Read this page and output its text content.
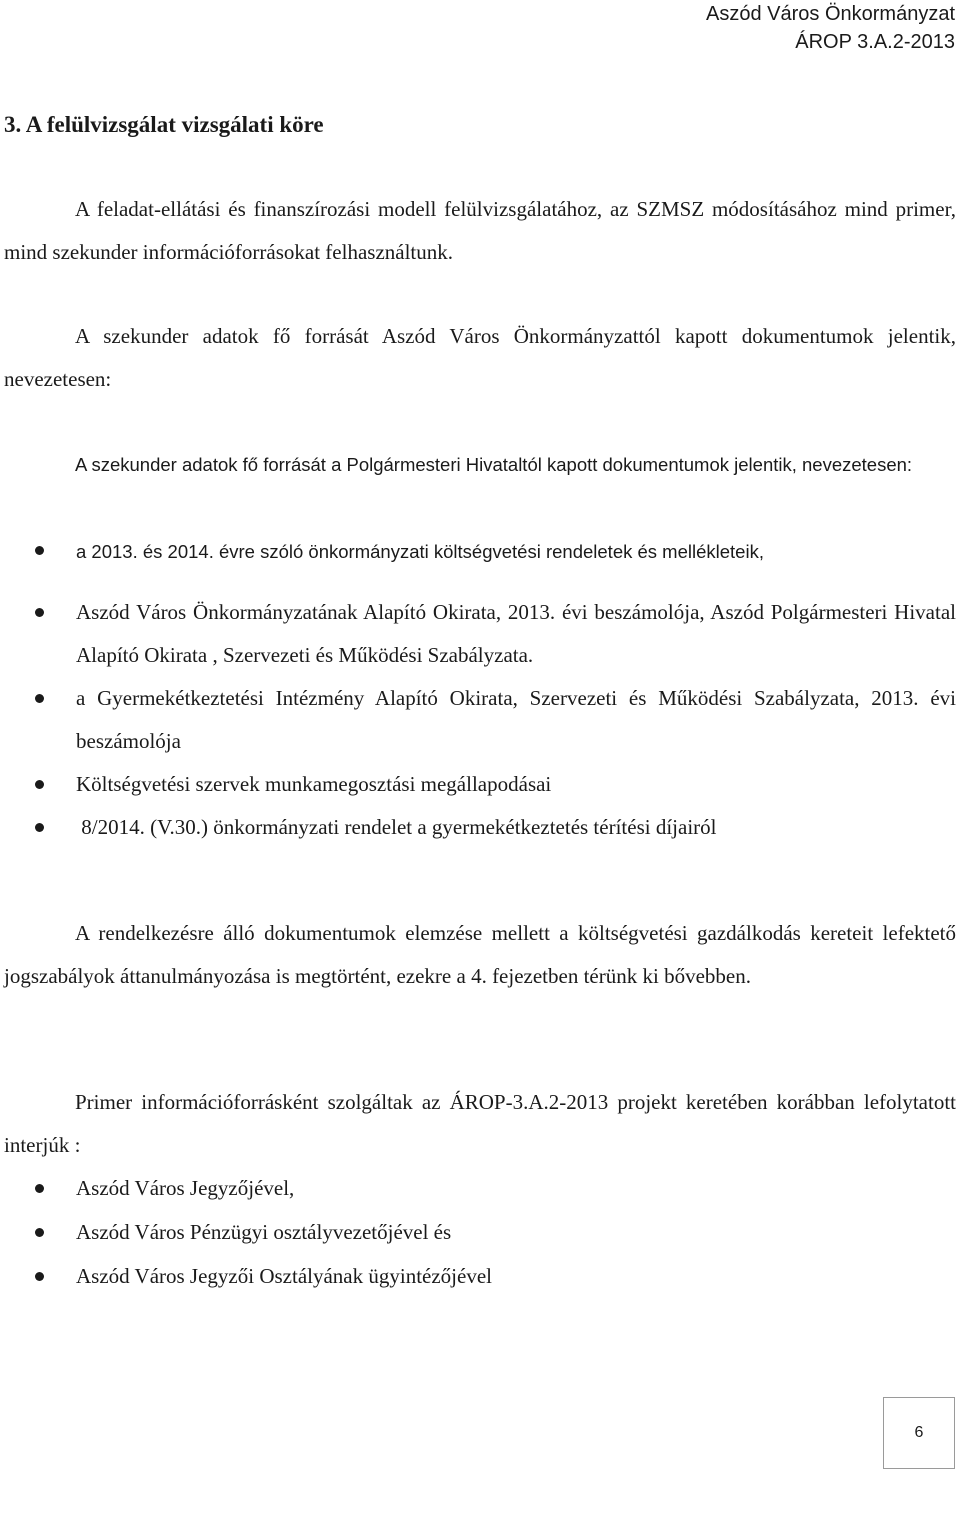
Aszód Város Önkormányzat
ÁROP 3.A.2-2013
3. A felülvizsgálat vizsgálati köre
A feladat-ellátási és finanszírozási modell felülvizsgálatához, az SZMSZ módosításához mind primer, mind szekunder információforrásokat felhasználtunk.
A szekunder adatok fő forrását Aszód Város Önkormányzattól kapott dokumentumok jelentik, nevezetesen:
A szekunder adatok fő forrását a Polgármesteri Hivataltól kapott dokumentumok jelentik, nevezetesen:
a 2013. és 2014. évre szóló önkormányzati költségvetési rendeletek és mellékleteik,
Aszód Város Önkormányzatának Alapító Okirata, 2013. évi beszámolója, Aszód Polgármesteri Hivatal Alapító Okirata , Szervezeti és Működési Szabályzata.
a Gyermekétkeztetési Intézmény Alapító Okirata, Szervezeti és Működési Szabályzata, 2013. évi beszámolója
Költségvetési szervek munkamegosztási megállapodásai
8/2014. (V.30.) önkormányzati rendelet a gyermekétkeztetés térítési díjairól
A rendelkezésre álló dokumentumok elemzése mellett a költségvetési gazdálkodás kereteit lefektető jogszabályok áttanulmányozása is megtörtént, ezekre a 4. fejezetben térünk ki bővebben.
Primer információforrásként szolgáltak az ÁROP-3.A.2-2013 projekt keretében korábban lefolytatott interjúk :
Aszód Város Jegyzőjével,
Aszód Város Pénzügyi osztályvezetőjével és
Aszód Város Jegyzői Osztályának ügyintézőjével
6
